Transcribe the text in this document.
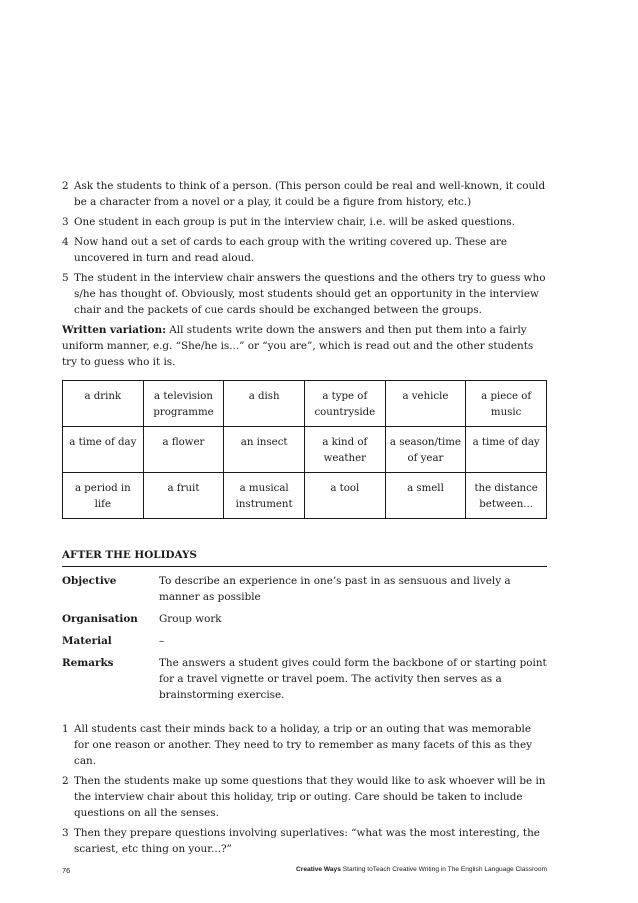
2 Ask the students to think of a person. (This person could be real and well-known, it could be a character from a novel or a play, it could be a figure from history, etc.)
3 One student in each group is put in the interview chair, i.e. will be asked questions.
4 Now hand out a set of cards to each group with the writing covered up. These are uncovered in turn and read aloud.
5 The student in the interview chair answers the questions and the others try to guess who s/he has thought of. Obviously, most students should get an opportunity in the interview chair and the packets of cue cards should be exchanged between the groups.

Written variation: All students write down the answers and then put them into a fairly uniform manner, e.g. “She/he is...” or “you are”, which is read out and the other students try to guess who it is.

a drink	a television programme	a dish	a type of countryside	a vehicle	a piece of music
a time of day	a flower	an insect	a kind of weather	a season/time of year	a time of day
a period in life	a fruit	a musical instrument	a tool	a smell	the distance between...
AFTER THE HOLIDAYS
Objective	To describe an experience in one’s past in as sensuous and lively a manner as possible
Organisation	Group work
Material	–
Remarks	The answers a student gives could form the backbone of or starting point for a travel vignette or travel poem. The activity then serves as a brainstorming exercise.
1 All students cast their minds back to a holiday, a trip or an outing that was memorable for one reason or another. They need to try to remember as many facets of this as they can.
2 Then the students make up some questions that they would like to ask whoever will be in the interview chair about this holiday, trip or outing. Care should be taken to include questions on all the senses.
3 Then they prepare questions involving superlatives: “what was the most interesting, the scariest, etc thing on your...?”
76	Creative Ways Starting toTeach Creative Writing in The English Language Classroom
